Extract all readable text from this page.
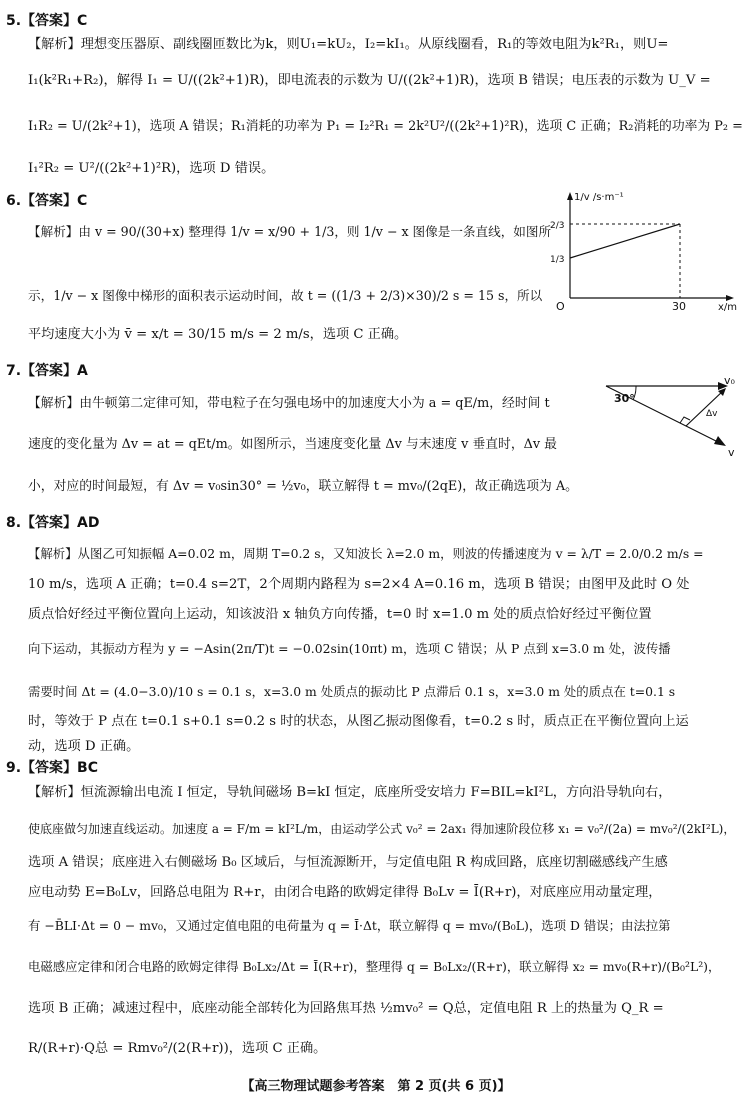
5.【答案】C
【解析】理想变压器原、副线圈匝数比为k，则U₁=kU₂，I₂=kI₁。从原线圈看，R₁的等效电阻为k²R₁，则U=
I₁(k²R₁+R₂)，解得 I₁ = U/((2k²+1)R)，即电流表的示数为 U/((2k²+1)R)，选项 B 错误；电压表的示数为 U_V =
I₁R₂ = U/(2k²+1)，选项 A 错误；R₁消耗的功率为 P₁ = I₂²R₁ = 2k²U²/((2k²+1)²R)，选项 C 正确；R₂消耗的功率为 P₂ =
I₁²R₂ = U²/((2k²+1)²R)，选项 D 错误。
6.【答案】C
【解析】由 v = 90/(30+x) 整理得 1/v = x/90 + 1/3，则 1/v − x 图像是一条直线，如图所
示，1/v − x 图像中梯形的面积表示运动时间，故 t = ((1/3 + 2/3)×30)/2 s = 15 s，所以
平均速度大小为 v̄ = x/t = 30/15 m/s = 2 m/s，选项 C 正确。
1/v /s·m⁻¹
2/3
1/3
O	30	x/m
7.【答案】A
【解析】由牛顿第二定律可知，带电粒子在匀强电场中的加速度大小为 a = qE/m，经时间 t
速度的变化量为 Δv = at = qEt/m。如图所示，当速度变化量 Δv 与末速度 v 垂直时，Δv 最
小，对应的时间最短，有 Δv = v₀sin30° = ½v₀，联立解得 t = mv₀/(2qE)，故正确选项为 A。
30°
v₀
Δv
v
8.【答案】AD
【解析】从图乙可知振幅 A=0.02 m，周期 T=0.2 s，又知波长 λ=2.0 m，则波的传播速度为 v = λ/T = 2.0/0.2 m/s =
10 m/s，选项 A 正确；t=0.4 s=2T，2个周期内路程为 s=2×4 A=0.16 m，选项 B 错误；由图甲及此时 O 处
质点恰好经过平衡位置向上运动，知该波沿 x 轴负方向传播，t=0 时 x=1.0 m 处的质点恰好经过平衡位置
向下运动，其振动方程为 y = −Asin(2π/T)t = −0.02sin(10πt) m，选项 C 错误；从 P 点到 x=3.0 m 处，波传播
需要时间 Δt = (4.0−3.0)/10 s = 0.1 s，x=3.0 m 处质点的振动比 P 点滞后 0.1 s，x=3.0 m 处的质点在 t=0.1 s
时，等效于 P 点在 t=0.1 s+0.1 s=0.2 s 时的状态，从图乙振动图像看，t=0.2 s 时，质点正在平衡位置向上运
动，选项 D 正确。
9.【答案】BC
【解析】恒流源输出电流 I 恒定，导轨间磁场 B=kI 恒定，底座所受安培力 F=BIL=kI²L，方向沿导轨向右，
使底座做匀加速直线运动。加速度 a = F/m = kI²L/m，由运动学公式 v₀² = 2ax₁ 得加速阶段位移 x₁ = v₀²/(2a) = mv₀²/(2kI²L)，
选项 A 错误；底座进入右侧磁场 B₀ 区域后，与恒流源断开，与定值电阻 R 构成回路，底座切割磁感线产生感
应电动势 E=B₀Lv，回路总电阻为 R+r，由闭合电路的欧姆定律得 B₀Lv = Ī(R+r)，对底座应用动量定理，
有 −B̄LI·Δt = 0 − mv₀，又通过定值电阻的电荷量为 q = Ī·Δt，联立解得 q = mv₀/(B₀L)，选项 D 错误；由法拉第
电磁感应定律和闭合电路的欧姆定律得 B₀Lx₂/Δt = Ī(R+r)，整理得 q = B₀Lx₂/(R+r)，联立解得 x₂ = mv₀(R+r)/(B₀²L²)，
选项 B 正确；减速过程中，底座动能全部转化为回路焦耳热 ½mv₀² = Q总，定值电阻 R 上的热量为 Q_R =
R/(R+r)·Q总 = Rmv₀²/(2(R+r))，选项 C 正确。
【高三物理试题参考答案　第 2 页(共 6 页)】
